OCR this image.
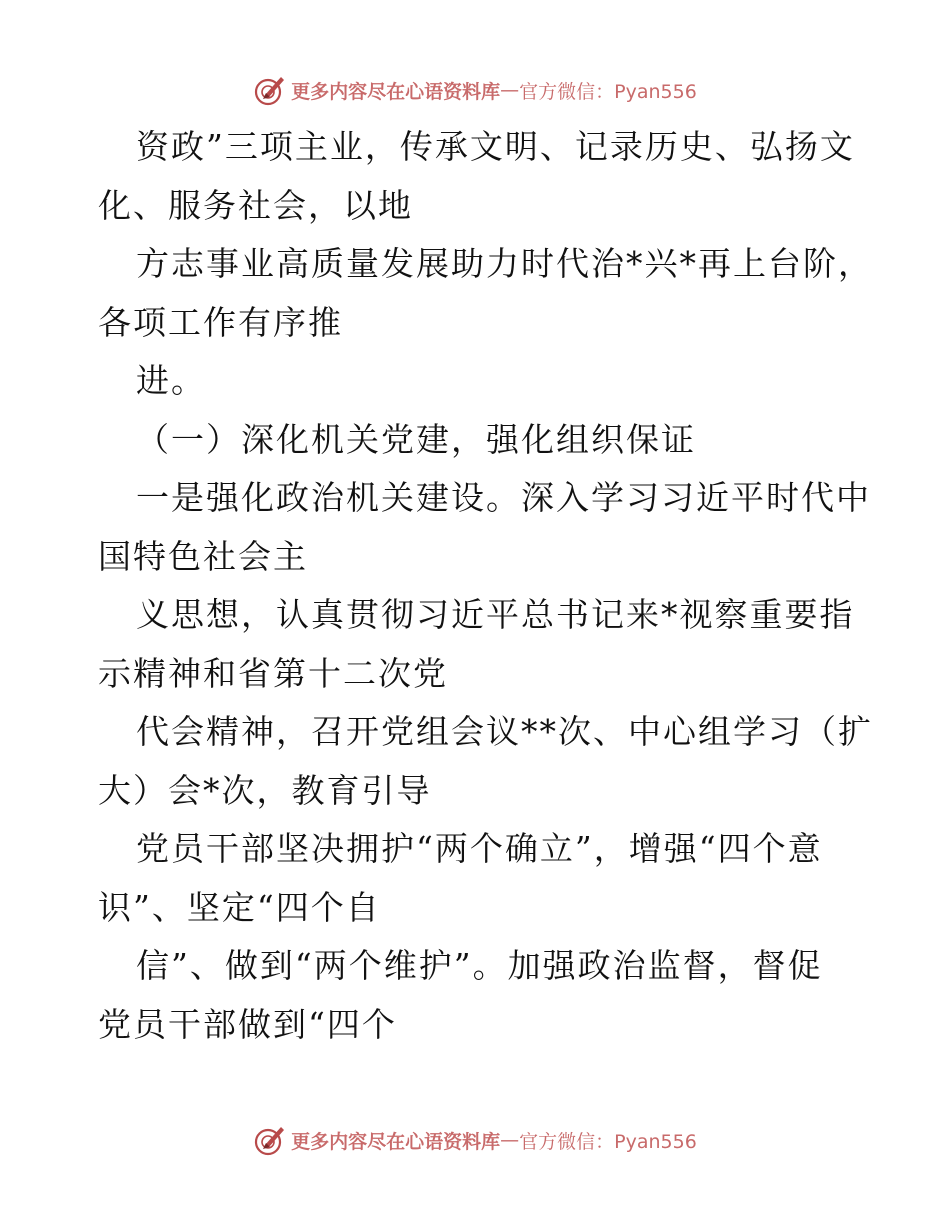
更多内容尽在心语资料库 — 官方微信：Pyan556
资政”三项主业，传承文明、记录历史、弘扬文
化、服务社会，以地
方志事业高质量发展助力时代治*兴*再上台阶，
各项工作有序推
进。
（一）深化机关党建，强化组织保证
一是强化政治机关建设。深入学习习近平时代中
国特色社会主
义思想，认真贯彻习近平总书记来*视察重要指
示精神和省第十二次党
代会精神，召开党组会议**次、中心组学习（扩
大）会*次，教育引导
党员干部坚决拥护“两个确立”，增强“四个意
识”、坚定“四个自
信”、做到“两个维护”。加强政治监督，督促
党员干部做到“四个
更多内容尽在心语资料库 — 官方微信：Pyan556
